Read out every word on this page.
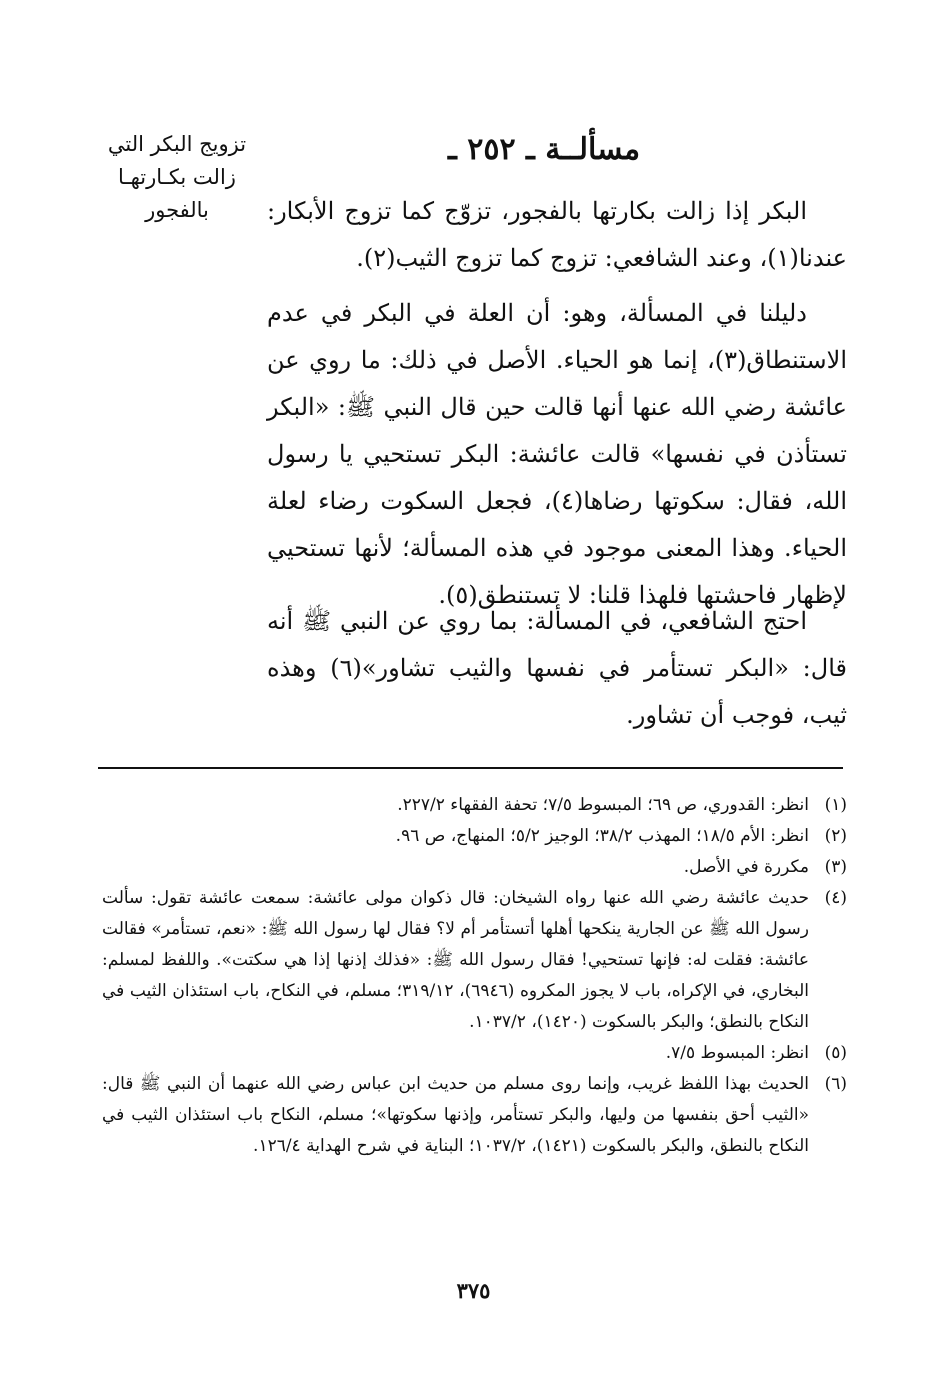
تزويج البكر التي
زالت بكـارتهـا
بالفجور
مسألــة ـ ٢٥٢ ـ
البكر إذا زالت بكارتها بالفجور، تزوّج كما تزوج الأبكار: عندنا(١)، وعند الشافعي: تزوج كما تزوج الثيب(٢).
دليلنا في المسألة، وهو: أن العلة في البكر في عدم الاستنطاق(٣)، إنما هو الحياء. الأصل في ذلك: ما روي عن عائشة رضي الله عنها أنها قالت حين قال النبي ﷺ: «البكر تستأذن في نفسها» قالت عائشة: البكر تستحيي يا رسول الله، فقال: سكوتها رضاها(٤)، فجعل السكوت رضاء لعلة الحياء. وهذا المعنى موجود في هذه المسألة؛ لأنها تستحيي لإظهار فاحشتها فلهذا قلنا: لا تستنطق(٥).
احتج الشافعي، في المسألة: بما روي عن النبي ﷺ أنه قال: «البكر تستأمر في نفسها والثيب تشاور»(٦) وهذه ثيب، فوجب أن تشاور.
(١)
انظر: القدوري، ص ٦٩؛ المبسوط ٧/٥؛ تحفة الفقهاء ٢٢٧/٢.
(٢)
انظر: الأم ١٨/٥؛ المهذب ٣٨/٢؛ الوجيز ٥/٢؛ المنهاج، ص ٩٦.
(٣)
مكررة في الأصل.
(٤)
حديث عائشة رضي الله عنها رواه الشيخان: قال ذكوان مولى عائشة: سمعت عائشة تقول: سألت رسول الله ﷺ عن الجارية ينكحها أهلها أتستأمر أم لا؟ فقال لها رسول الله ﷺ: «نعم، تستأمر» فقالت عائشة: فقلت له: فإنها تستحيي! فقال رسول الله ﷺ: «فذلك إذنها إذا هي سكتت». واللفظ لمسلم: البخاري، في الإكراه، باب لا يجوز المكروه (٦٩٤٦)، ٣١٩/١٢؛ مسلم، في النكاح، باب استئذان الثيب في النكاح بالنطق؛ والبكر بالسكوت (١٤٢٠)، ١٠٣٧/٢.
(٥)
انظر: المبسوط ٧/٥.
(٦)
الحديث بهذا اللفظ غريب، وإنما روى مسلم من حديث ابن عباس رضي الله عنهما أن النبي ﷺ قال: «الثيب أحق بنفسها من وليها، والبكر تستأمر، وإذنها سكوتها»؛ مسلم، النكاح باب استئذان الثيب في النكاح بالنطق، والبكر بالسكوت (١٤٢١)، ١٠٣٧/٢؛ البناية في شرح الهداية ١٢٦/٤.
٣٧٥
